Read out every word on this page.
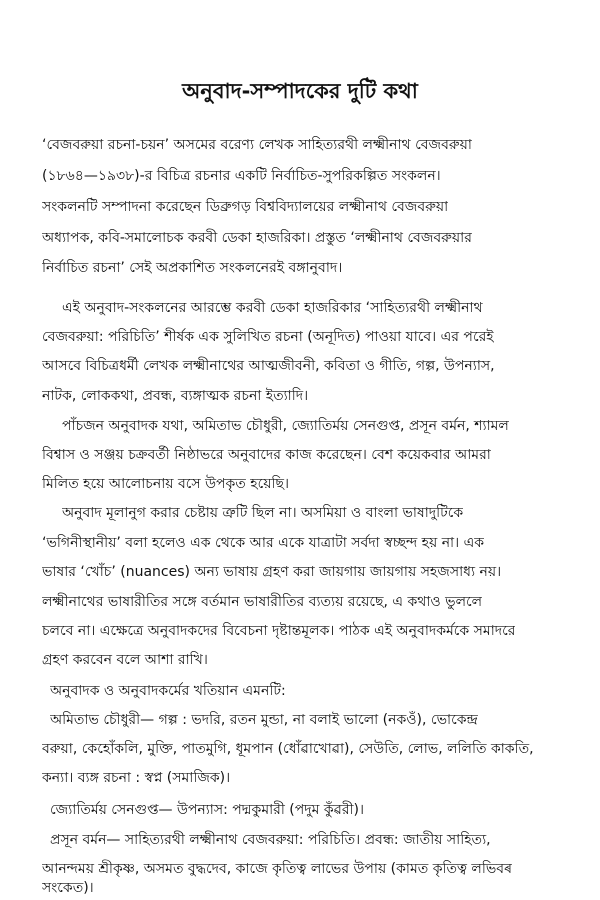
অনুবাদ-সম্পাদকের দুটি কথা

‘বেজবরুয়া রচনা-চয়ন’ অসমের বরেণ্য লেখক সাহিত্যরথী লক্ষ্মীনাথ বেজবরুয়া

(১৮৬৪—১৯৩৮)-র বিচিত্র রচনার একটি নির্বাচিত-সুপরিকল্পিত সংকলন।

সংকলনটি সম্পাদনা করেছেন ডিব্রুগড় বিশ্ববিদ্যালয়ের লক্ষ্মীনাথ বেজবরুয়া

অধ্যাপক, কবি-সমালোচক করবী ডেকা হাজরিকা। প্রস্তুত ‘লক্ষ্মীনাথ বেজবরুয়ার

নির্বাচিত রচনা’ সেই অপ্রকাশিত সংকলনেরই বঙ্গানুবাদ।

এই অনুবাদ-সংকলনের আরম্ভে করবী ডেকা হাজরিকার ‘সাহিত্যরথী লক্ষ্মীনাথ

বেজবরুয়া: পরিচিতি’ শীর্ষক এক সুলিখিত রচনা (অনূদিত) পাওয়া যাবে। এর পরেই

আসবে বিচিত্রধর্মী লেখক লক্ষ্মীনাথের আত্মজীবনী, কবিতা ও গীতি, গল্প, উপন্যাস,

নাটক, লোককথা, প্রবন্ধ, ব্যঙ্গাত্মক রচনা ইত্যাদি।

পাঁচজন অনুবাদক যথা, অমিতাভ চৌধুরী, জ্যোতির্ময় সেনগুপ্ত, প্রসূন বর্মন, শ্যামল

বিশ্বাস ও সঞ্জয় চক্রবর্তী নিষ্ঠাভরে অনুবাদের কাজ করেছেন। বেশ কয়েকবার আমরা

মিলিত হয়ে আলোচনায় বসে উপকৃত হয়েছি।

অনুবাদ মূলানুগ করার চেষ্টায় ত্রুটি ছিল না। অসমিয়া ও বাংলা ভাষাদুটিকে

‘ভগিনীস্থানীয়’ বলা হলেও এক থেকে আর একে যাত্রাটা সর্বদা স্বচ্ছন্দ হয় না। এক

ভাষার ‘খোঁচ’ (nuances) অন্য ভাষায় গ্রহণ করা জায়গায় জায়গায় সহজসাধ্য নয়।

লক্ষ্মীনাথের ভাষারীতির সঙ্গে বর্তমান ভাষারীতির ব্যত্যয় রয়েছে, এ কথাও ভুললে

চলবে না। এক্ষেত্রে অনুবাদকদের বিবেচনা দৃষ্টান্তমূলক। পাঠক এই অনুবাদকর্মকে সমাদরে

গ্রহণ করবেন বলে আশা রাখি।

অনুবাদক ও অনুবাদকর্মের খতিয়ান এমনটি:

অমিতাভ চৌধুরী— গল্প : ভদরি, রতন মুন্ডা, না বলাই ভালো (নকওঁ), ভোকেন্দ্র

বরুয়া, কেহোঁকলি, মুক্তি, পাতমুগি, ধূমপান (ধোঁৱাখোৱা), সেউতি, লোভ, ললিতি কাকতি,

কন্যা। ব্যঙ্গ রচনা : স্বপ্ন (সমাজিক)।

জ্যোতির্ময় সেনগুপ্ত— উপন্যাস: পদ্মকুমারী (পদুম কুঁৱরী)।

প্রসূন বর্মন— সাহিত্যরথী লক্ষ্মীনাথ বেজবরুয়া: পরিচিতি। প্রবন্ধ: জাতীয় সাহিত্য,

আনন্দময় শ্রীকৃষ্ণ, অসমত বুদ্ধদেব, কাজে কৃতিত্ব লাভের উপায় (কামত কৃতিত্ব লভিবৰ

সংকেত)।
